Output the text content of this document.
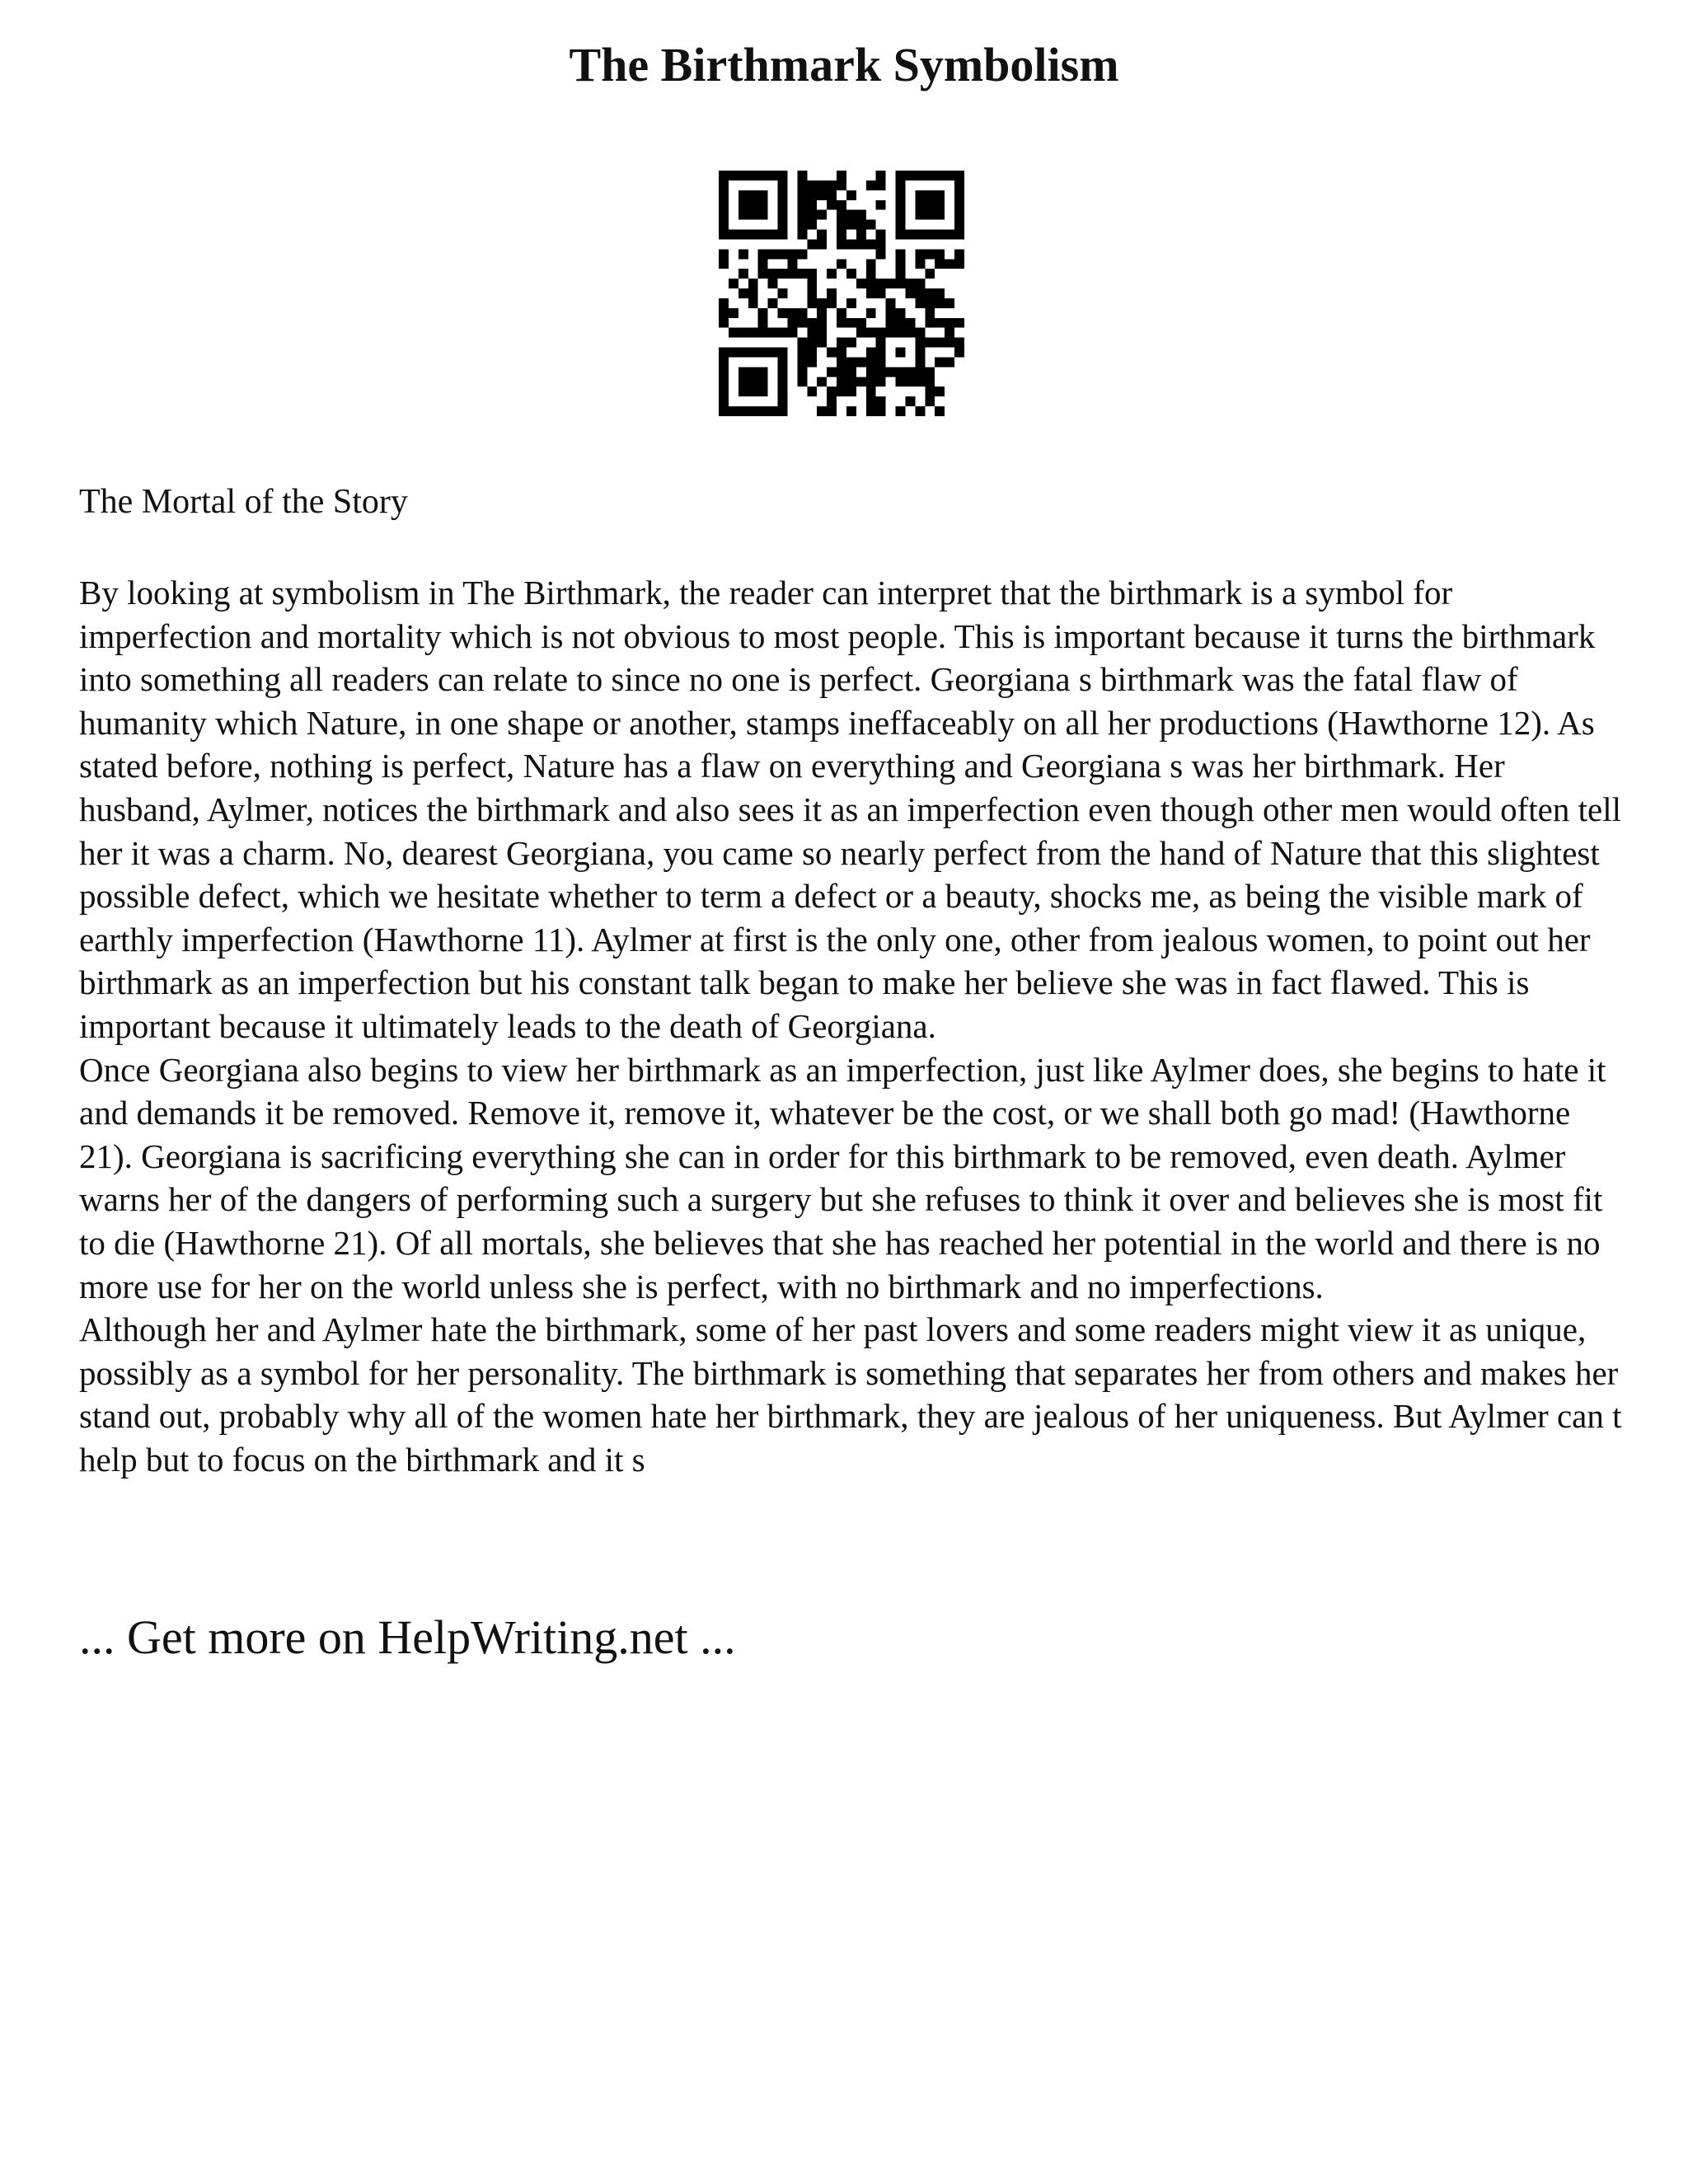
The Birthmark Symbolism
The Mortal of the Story

By looking at symbolism in The Birthmark, the reader can interpret that the birthmark is a symbol for imperfection and mortality which is not obvious to most people. This is important because it turns the birthmark into something all readers can relate to since no one is perfect. Georgiana s birthmark was the fatal flaw of humanity which Nature, in one shape or another, stamps ineffaceably on all her productions (Hawthorne 12). As stated before, nothing is perfect, Nature has a flaw on everything and Georgiana s was her birthmark. Her husband, Aylmer, notices the birthmark and also sees it as an imperfection even though other men would often tell her it was a charm. No, dearest Georgiana, you came so nearly perfect from the hand of Nature that this slightest possible defect, which we hesitate whether to term a defect or a beauty, shocks me, as being the visible mark of earthly imperfection (Hawthorne 11). Aylmer at first is the only one, other from jealous women, to point out her birthmark as an imperfection but his constant talk began to make her believe she was in fact flawed. This is important because it ultimately leads to the death of Georgiana.

Once Georgiana also begins to view her birthmark as an imperfection, just like Aylmer does, she begins to hate it and demands it be removed. Remove it, remove it, whatever be the cost, or we shall both go mad! (Hawthorne 21). Georgiana is sacrificing everything she can in order for this birthmark to be removed, even death. Aylmer warns her of the dangers of performing such a surgery but she refuses to think it over and believes she is most fit to die (Hawthorne 21). Of all mortals, she believes that she has reached her potential in the world and there is no more use for her on the world unless she is perfect, with no birthmark and no imperfections.

Although her and Aylmer hate the birthmark, some of her past lovers and some readers might view it as unique, possibly as a symbol for her personality. The birthmark is something that separates her from others and makes her stand out, probably why all of the women hate her birthmark, they are jealous of her uniqueness. But Aylmer can t help but to focus on the birthmark and it s

... Get more on HelpWriting.net ...
